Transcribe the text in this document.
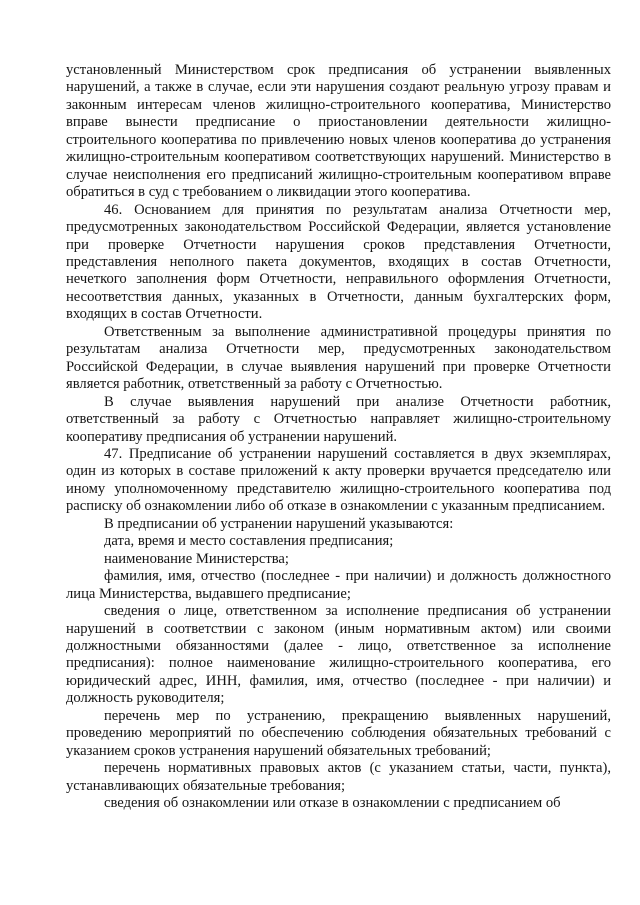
установленный Министерством срок предписания об устранении выявленных нарушений, а также в случае, если эти нарушения создают реальную угрозу правам и законным интересам членов жилищно-строительного кооператива, Министерство вправе вынести предписание о приостановлении деятельности жилищно-строительного кооператива по привлечению новых членов кооператива до устранения жилищно-строительным кооперативом соответствующих нарушений. Министерство в случае неисполнения его предписаний жилищно-строительным кооперативом вправе обратиться в суд с требованием о ликвидации этого кооператива.

46. Основанием для принятия по результатам анализа Отчетности мер, предусмотренных законодательством Российской Федерации, является установление при проверке Отчетности нарушения сроков представления Отчетности, представления неполного пакета документов, входящих в состав Отчетности, нечеткого заполнения форм Отчетности, неправильного оформления Отчетности, несоответствия данных, указанных в Отчетности, данным бухгалтерских форм, входящих в состав Отчетности.

Ответственным за выполнение административной процедуры принятия по результатам анализа Отчетности мер, предусмотренных законодательством Российской Федерации, в случае выявления нарушений при проверке Отчетности является работник, ответственный за работу с Отчетностью.

В случае выявления нарушений при анализе Отчетности работник, ответственный за работу с Отчетностью направляет жилищно-строительному кооперативу предписания об устранении нарушений.

47. Предписание об устранении нарушений составляется в двух экземплярах, один из которых в составе приложений к акту проверки вручается председателю или иному уполномоченному представителю жилищно-строительного кооператива под расписку об ознакомлении либо об отказе в ознакомлении с указанным предписанием.

В предписании об устранении нарушений указываются:

дата, время и место составления предписания;

наименование Министерства;

фамилия, имя, отчество (последнее - при наличии) и должность должностного лица Министерства, выдавшего предписание;

сведения о лице, ответственном за исполнение предписания об устранении нарушений в соответствии с законом (иным нормативным актом) или своими должностными обязанностями (далее - лицо, ответственное за исполнение предписания): полное наименование жилищно-строительного кооператива, его юридический адрес, ИНН, фамилия, имя, отчество (последнее - при наличии) и должность руководителя;

перечень мер по устранению, прекращению выявленных нарушений, проведению мероприятий по обеспечению соблюдения обязательных требований с указанием сроков устранения нарушений обязательных требований;

перечень нормативных правовых актов (с указанием статьи, части, пункта), устанавливающих обязательные требования;

сведения об ознакомлении или отказе в ознакомлении с предписанием об
